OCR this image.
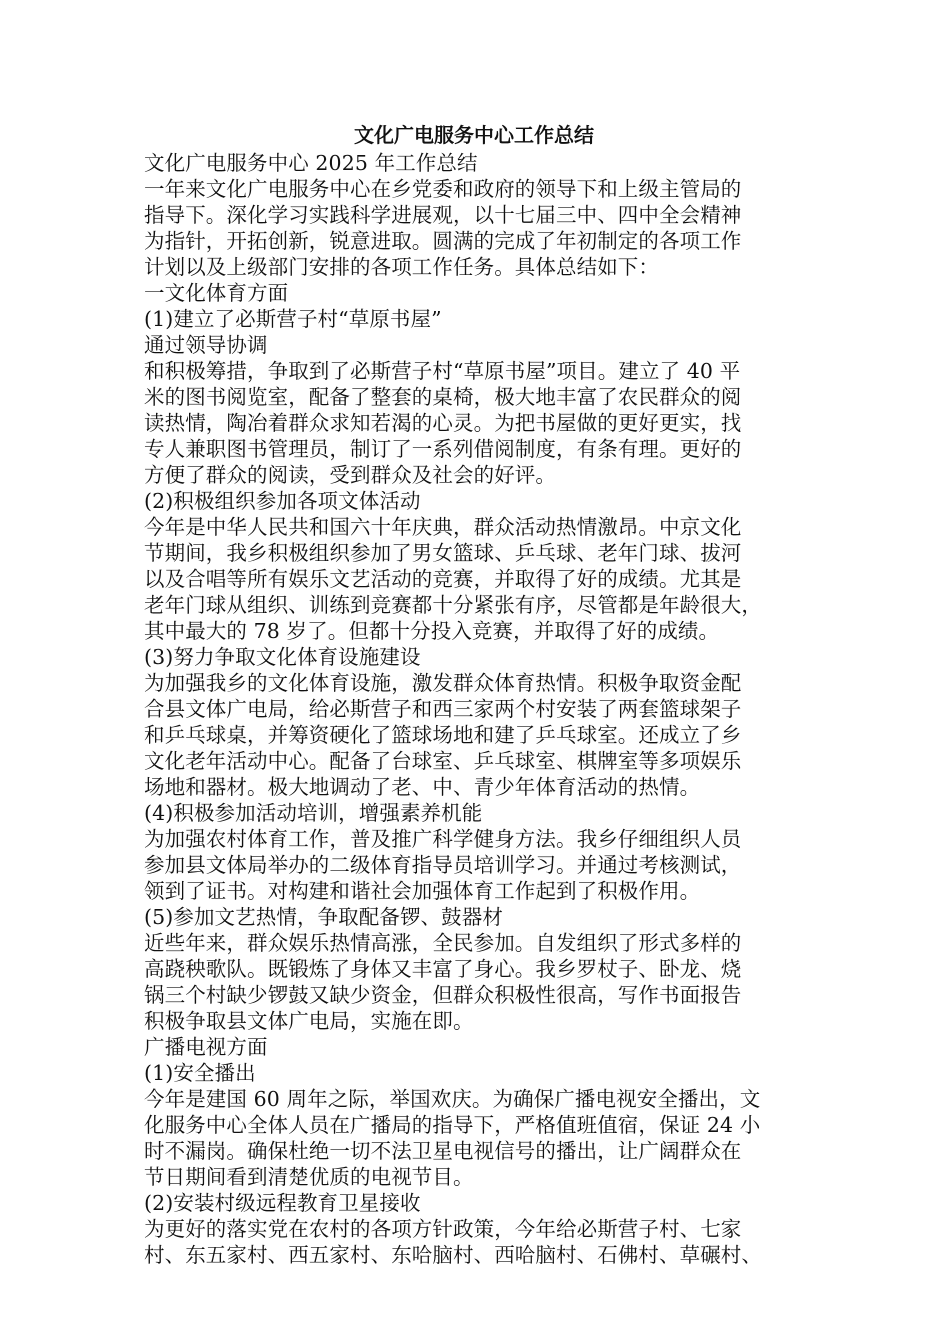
文化广电服务中心工作总结

文化广电服务中心 2025 年工作总结

一年来文化广电服务中心在乡党委和政府的领导下和上级主管局的

指导下。深化学习实践科学进展观，以十七届三中、四中全会精神

为指针，开拓创新，锐意进取。圆满的完成了年初制定的各项工作

计划以及上级部门安排的各项工作任务。具体总结如下：

一文化体育方面

(1)建立了必斯营子村“草原书屋”

通过领导协调

和积极筹措，争取到了必斯营子村“草原书屋”项目。建立了 40 平

米的图书阅览室，配备了整套的桌椅，极大地丰富了农民群众的阅

读热情，陶冶着群众求知若渴的心灵。为把书屋做的更好更实，找

专人兼职图书管理员，制订了一系列借阅制度，有条有理。更好的

方便了群众的阅读，受到群众及社会的好评。

(2)积极组织参加各项文体活动

今年是中华人民共和国六十年庆典，群众活动热情激昂。中京文化

节期间，我乡积极组织参加了男女篮球、乒乓球、老年门球、拔河

以及合唱等所有娱乐文艺活动的竞赛，并取得了好的成绩。尤其是

老年门球从组织、训练到竞赛都十分紧张有序，尽管都是年龄很大，

其中最大的 78 岁了。但都十分投入竞赛，并取得了好的成绩。

(3)努力争取文化体育设施建设

为加强我乡的文化体育设施，激发群众体育热情。积极争取资金配

合县文体广电局，给必斯营子和西三家两个村安装了两套篮球架子

和乒乓球桌，并筹资硬化了篮球场地和建了乒乓球室。还成立了乡

文化老年活动中心。配备了台球室、乒乓球室、棋牌室等多项娱乐

场地和器材。极大地调动了老、中、青少年体育活动的热情。

(4)积极参加活动培训，增强素养机能

为加强农村体育工作，普及推广科学健身方法。我乡仔细组织人员

参加县文体局举办的二级体育指导员培训学习。并通过考核测试，

领到了证书。对构建和谐社会加强体育工作起到了积极作用。

(5)参加文艺热情，争取配备锣、鼓器材

近些年来，群众娱乐热情高涨，全民参加。自发组织了形式多样的

高跷秧歌队。既锻炼了身体又丰富了身心。我乡罗杖子、卧龙、烧

锅三个村缺少锣鼓又缺少资金，但群众积极性很高，写作书面报告

积极争取县文体广电局，实施在即。

广播电视方面

(1)安全播出

今年是建国 60 周年之际，举国欢庆。为确保广播电视安全播出，文

化服务中心全体人员在广播局的指导下，严格值班值宿，保证 24 小

时不漏岗。确保杜绝一切不法卫星电视信号的播出，让广阔群众在

节日期间看到清楚优质的电视节目。

(2)安装村级远程教育卫星接收

为更好的落实党在农村的各项方针政策，今年给必斯营子村、七家

村、东五家村、西五家村、东哈脑村、西哈脑村、石佛村、草碾村、
